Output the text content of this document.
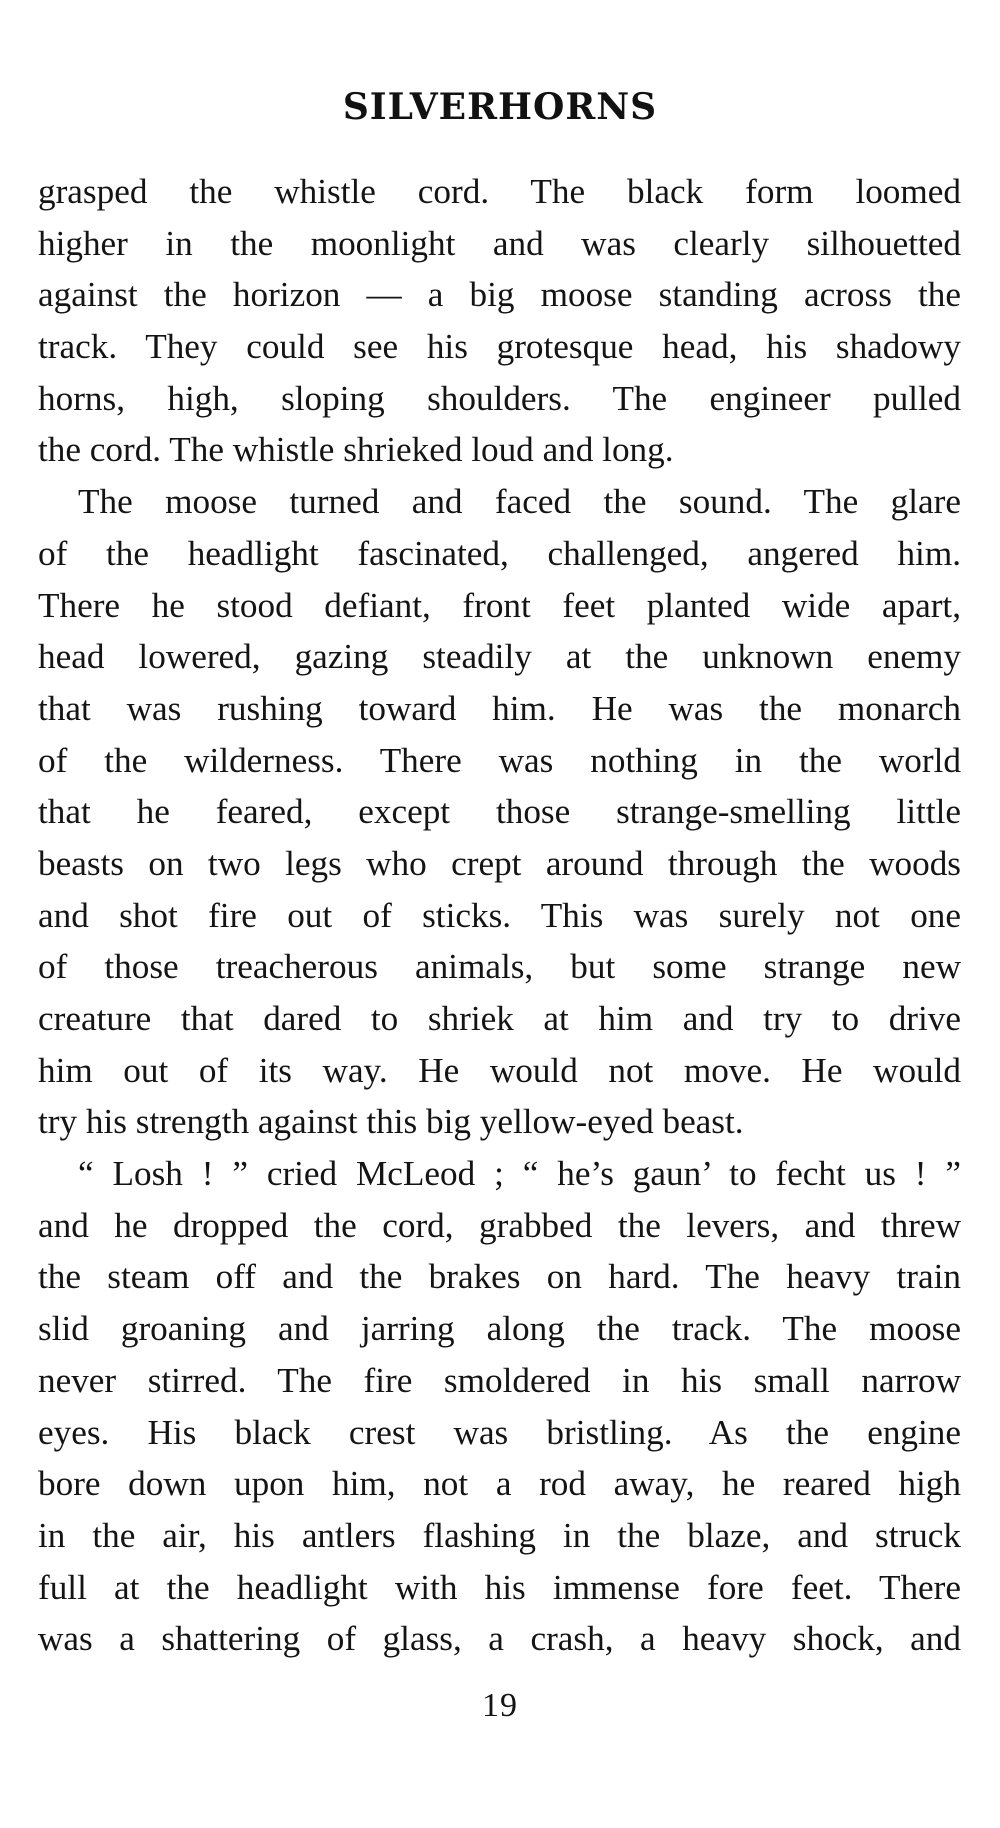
SILVERHORNS
grasped the whistle cord. The black form loomed
higher in the moonlight and was clearly silhouetted
against the horizon — a big moose standing across the
track. They could see his grotesque head, his shadowy
horns, high, sloping shoulders. The engineer pulled
the cord. The whistle shrieked loud and long.
The moose turned and faced the sound. The glare
of the headlight fascinated, challenged, angered him.
There he stood defiant, front feet planted wide apart,
head lowered, gazing steadily at the unknown enemy
that was rushing toward him. He was the monarch
of the wilderness. There was nothing in the world
that he feared, except those strange-smelling little
beasts on two legs who crept around through the woods
and shot fire out of sticks. This was surely not one
of those treacherous animals, but some strange new
creature that dared to shriek at him and try to drive
him out of its way. He would not move. He would
try his strength against this big yellow-eyed beast.
“ Losh ! ” cried McLeod ; “ he’s gaun’ to fecht us ! ”
and he dropped the cord, grabbed the levers, and threw
the steam off and the brakes on hard. The heavy train
slid groaning and jarring along the track. The moose
never stirred. The fire smoldered in his small narrow
eyes. His black crest was bristling. As the engine
bore down upon him, not a rod away, he reared high
in the air, his antlers flashing in the blaze, and struck
full at the headlight with his immense fore feet. There
was a shattering of glass, a crash, a heavy shock, and
19
